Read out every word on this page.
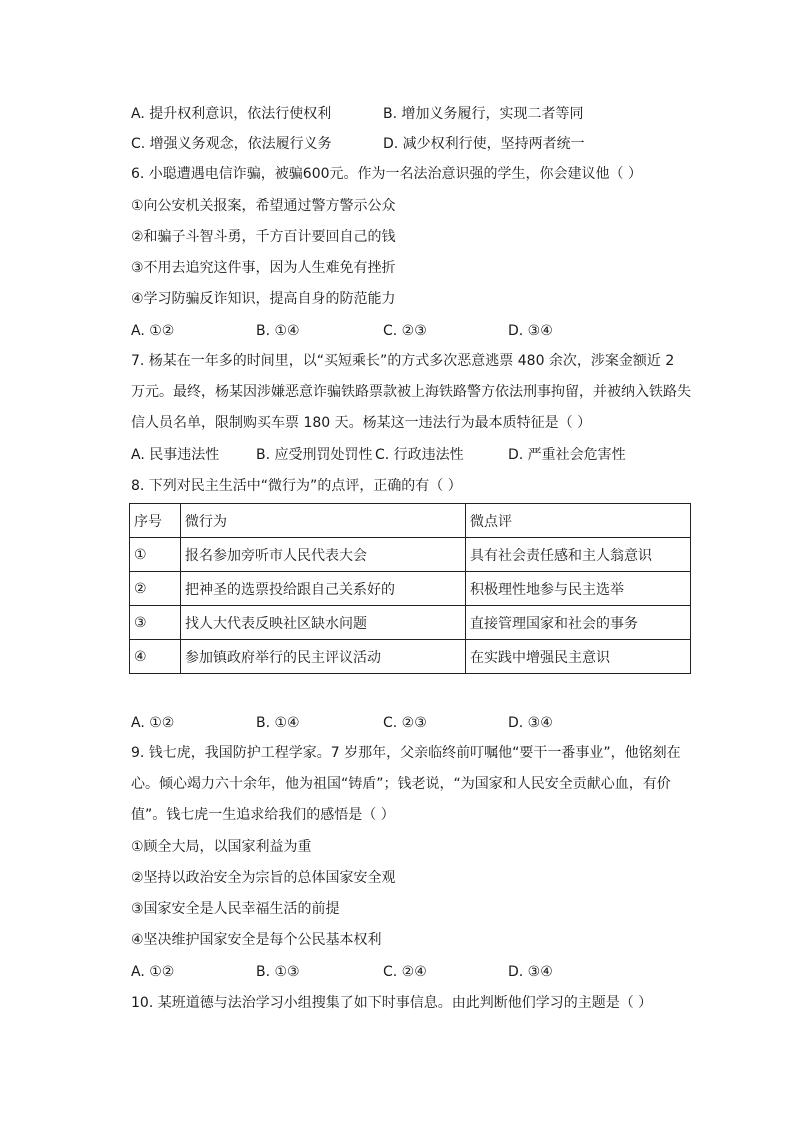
A. 提升权利意识，依法行使权利	B. 增加义务履行，实现二者等同
C. 增强义务观念，依法履行义务	D. 减少权利行使，坚持两者统一
6. 小聪遭遇电信诈骗，被骗600元。作为一名法治意识强的学生，你会建议他（ ）
①向公安机关报案，希望通过警方警示公众
②和骗子斗智斗勇，千方百计要回自己的钱
③不用去追究这件事，因为人生难免有挫折
④学习防骗反诈知识，提高自身的防范能力
A. ①②	B. ①④	C. ②③	D. ③④
7. 杨某在一年多的时间里，以“买短乘长”的方式多次恶意逃票 480 余次，涉案金额近 2
万元。最终，杨某因涉嫌恶意诈骗铁路票款被上海铁路警方依法刑事拘留，并被纳入铁路失
信人员名单，限制购买车票 180 天。杨某这一违法行为最本质特征是（ ）
A. 民事违法性	B. 应受刑罚处罚性 C. 行政违法性	D. 严重社会危害性
8. 下列对民主生活中“微行为”的点评，正确的有（ ）
序号	微行为	微点评
①	报名参加旁听市人民代表大会	具有社会责任感和主人翁意识
②	把神圣的选票投给跟自己关系好的	积极理性地参与民主选举
③	找人大代表反映社区缺水问题	直接管理国家和社会的事务
④	参加镇政府举行的民主评议活动	在实践中增强民主意识
A. ①②	B. ①④	C. ②③	D. ③④
9. 钱七虎，我国防护工程学家。7 岁那年，父亲临终前叮嘱他“要干一番事业”，他铭刻在
心。倾心竭力六十余年，他为祖国“铸盾”；钱老说，“为国家和人民安全贡献心血，有价
值”。钱七虎一生追求给我们的感悟是（ ）
①顾全大局，以国家利益为重
②坚持以政治安全为宗旨的总体国家安全观
③国家安全是人民幸福生活的前提
④坚决维护国家安全是每个公民基本权利
A. ①②	B. ①③	C. ②④	D. ③④
10. 某班道德与法治学习小组搜集了如下时事信息。由此判断他们学习的主题是（ ）
